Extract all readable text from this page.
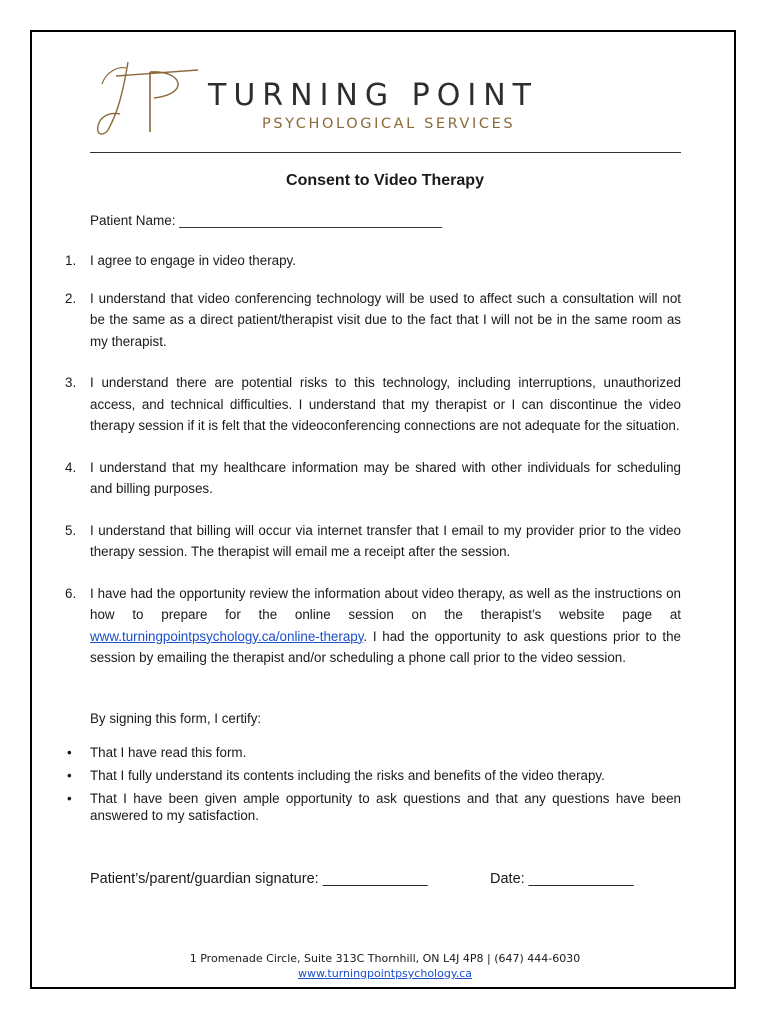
TURNING POINT
PSYCHOLOGICAL SERVICES
Consent to Video Therapy
Patient Name: ___________________________________
1. I agree to engage in video therapy.
2. I understand that video conferencing technology will be used to affect such a consultation will not be the same as a direct patient/therapist visit due to the fact that I will not be in the same room as my therapist.
3. I understand there are potential risks to this technology, including interruptions, unauthorized access, and technical difficulties. I understand that my therapist or I can discontinue the video therapy session if it is felt that the videoconferencing connections are not adequate for the situation.
4. I understand that my healthcare information may be shared with other individuals for scheduling and billing purposes.
5. I understand that billing will occur via internet transfer that I email to my provider prior to the video therapy session. The therapist will email me a receipt after the session.
6. I have had the opportunity review the information about video therapy, as well as the instructions on how to prepare for the online session on the therapist’s website page at www.turningpointpsychology.ca/online-therapy. I had the opportunity to ask questions prior to the session by emailing the therapist and/or scheduling a phone call prior to the video session.
By signing this form, I certify:
• That I have read this form.
• That I fully understand its contents including the risks and benefits of the video therapy.
• That I have been given ample opportunity to ask questions and that any questions have been answered to my satisfaction.
Patient’s/parent/guardian signature: _____________	Date: _____________
1 Promenade Circle, Suite 313C Thornhill, ON L4J 4P8 | (647) 444-6030
www.turningpointpsychology.ca
